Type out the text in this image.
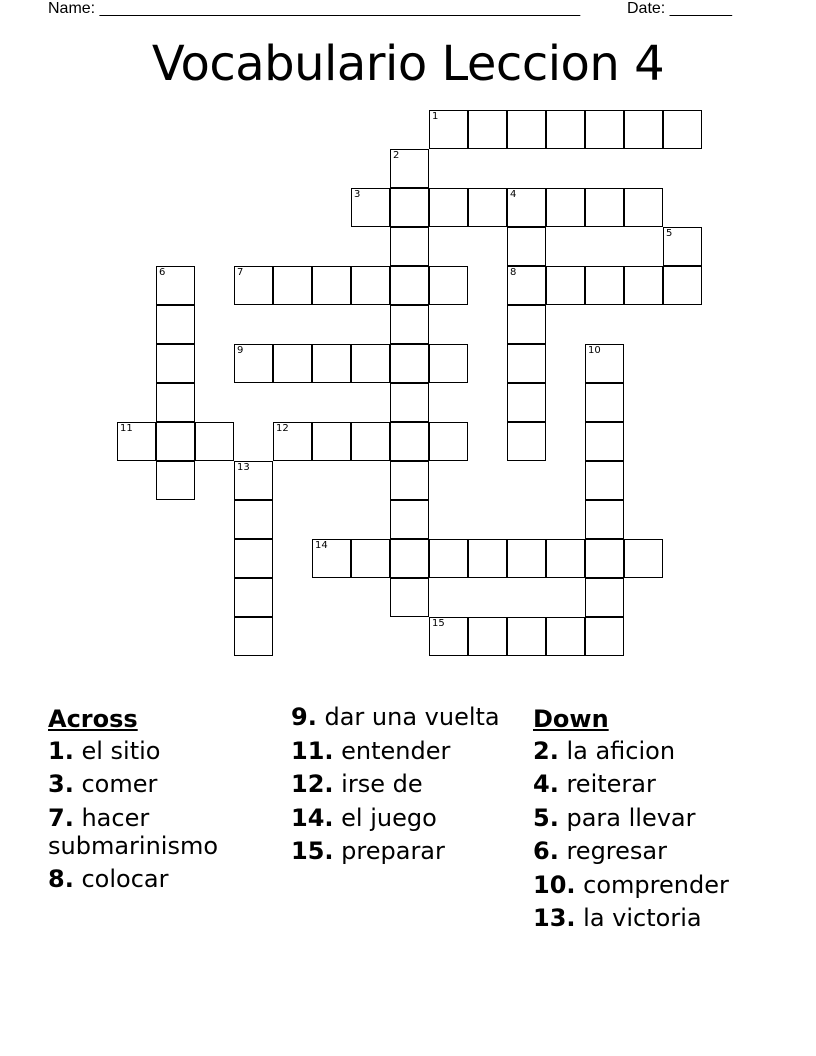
Name: ______________________________________________________	Date: _______
Vocabulario Leccion 4
1
2
3	4
5
6	7	8
9	10
11	12
13
14
15
Across
1. el sitio
3. comer
7. hacer submarinismo
8. colocar
9. dar una vuelta
11. entender
12. irse de
14. el juego
15. preparar
Down
2. la aficion
4. reiterar
5. para llevar
6. regresar
10. comprender
13. la victoria
